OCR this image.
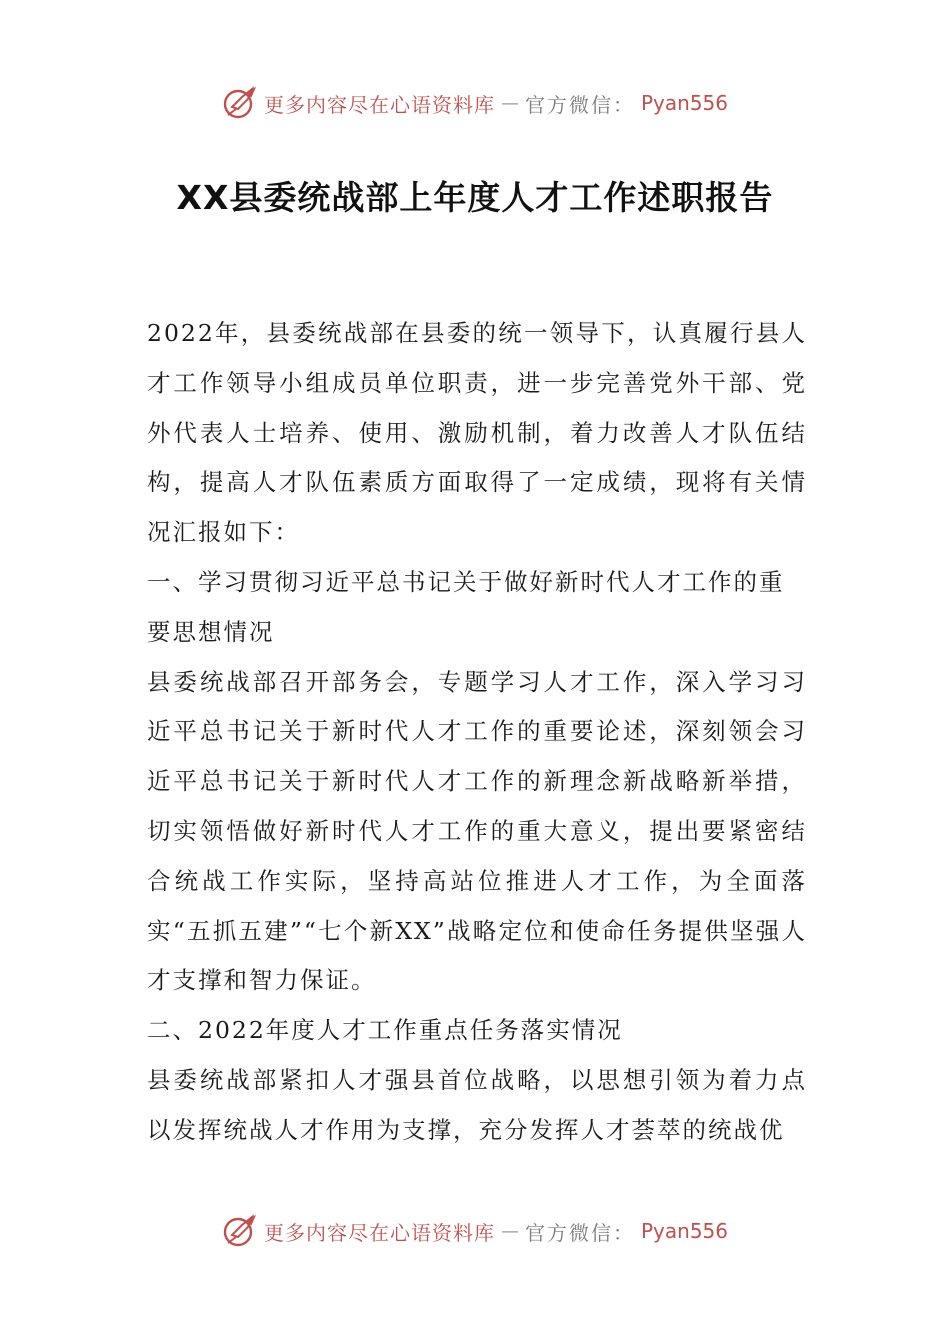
更多内容尽在心语资料库 — 官方微信： Pyan556
XX县委统战部上年度人才工作述职报告

2022年，县委统战部在县委的统一领导下，认真履行县人才工作领导小组成员单位职责，进一步完善党外干部、党外代表人士培养、使用、激励机制，着力改善人才队伍结构，提高人才队伍素质方面取得了一定成绩，现将有关情况汇报如下：

一、学习贯彻习近平总书记关于做好新时代人才工作的重要思想情况

县委统战部召开部务会，专题学习人才工作，深入学习习近平总书记关于新时代人才工作的重要论述，深刻领会习近平总书记关于新时代人才工作的新理念新战略新举措，切实领悟做好新时代人才工作的重大意义，提出要紧密结合统战工作实际，坚持高站位推进人才工作，为全面落实“五抓五建”“七个新XX”战略定位和使命任务提供坚强人才支撑和智力保证。

二、2022年度人才工作重点任务落实情况

县委统战部紧扣人才强县首位战略，以思想引领为着力点以发挥统战人才作用为支撑，充分发挥人才荟萃的统战优

更多内容尽在心语资料库 — 官方微信： Pyan556
